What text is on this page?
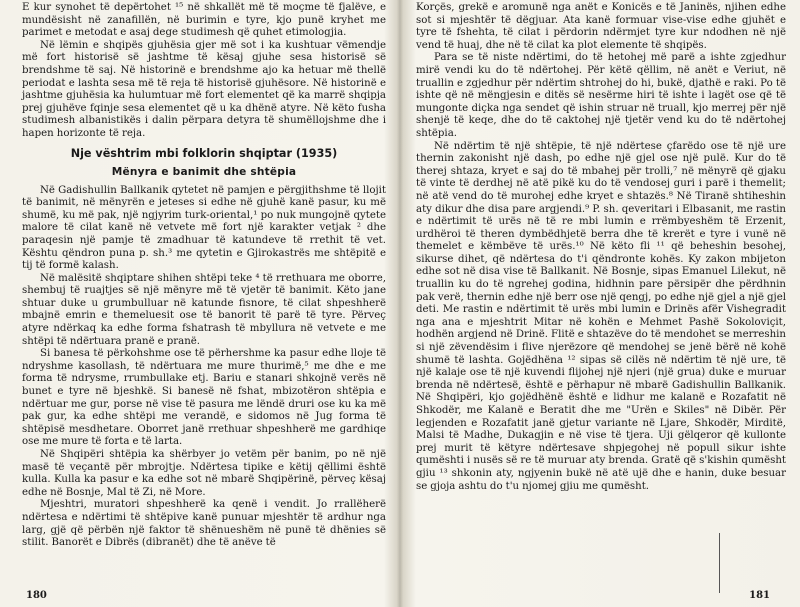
E kur synohet të depërtohet ¹⁵ në shkallët më të moçme të fjalëve, e mundësisht në zanafillën, në burimin e tyre, kjo punë kryhet me parimet e metodat e asaj dege studimesh që quhet etimologjia.

Në lëmin e shqipës gjuhësia gjer më sot i ka kushtuar vëmendje më fort historisë së jashtme të kësaj gjuhe sesa historisë së brendshme të saj. Në historinë e brendshme ajo ka hetuar më thellë periodat e lashta sesa më të reja të historisë gjuhësore. Në historinë e jashtme gjuhësia ka hulumtuar më fort elementet që ka marrë shqipja prej gjuhëve fqinje sesa elementet që u ka dhënë atyre. Në këto fusha studimesh albanistikës i dalin përpara detyra të shumëllojshme dhe i hapen horizonte të reja.

Nje vështrim mbi folklorin shqiptar (1935)
Mënyra e banimit dhe shtëpia

Në Gadishullin Ballkanik qytetet në pamjen e përgjithshme të llojit të banimit, në mënyrën e jeteses si edhe në gjuhë kanë pasur, ku më shumë, ku më pak, një ngjyrim turk-oriental,¹ po nuk mungojnë qytete malore të cilat kanë në vetvete më fort një karakter vetjak ² dhe paraqesin një pamje të zmadhuar të katundeve të rrethit të vet. Kështu qëndron puna p. sh.³ me qytetin e Gjirokastrës me shtëpitë e tij të formë kalash.

Në malësitë shqiptare shihen shtëpi teke ⁴ të rrethuara me oborre, shembuj të ruajtjes së një mënyre më të vjetër të banimit. Këto jane shtuar duke u grumbulluar në katunde fisnore, të cilat shpeshherë mbajnë emrin e themeluesit ose të banorit të parë të tyre. Përveç atyre ndërkaq ka edhe forma fshatrash të mbyllura në vetvete e me shtëpi të ndërtuara pranë e pranë.

Si banesa të përkohshme ose të përhershme ka pasur edhe lloje të ndryshme kasollash, të ndërtuara me mure thurimë,⁵ me dhe e me forma të ndrysme, rrumbullake etj. Bariu e stanari shkojnë verës në bunet e tyre në bjeshkë. Si banesë në fshat, mbizotëron shtëpia e ndërtuar me gur, porse në vise të pasura me lëndë druri ose ku ka më pak gur, ka edhe shtëpi me verandë, e sidomos në Jug forma të shtëpisë mesdhetare. Oborret janë rrethuar shpeshherë me gardhiqe ose me mure të forta e të larta.

Në Shqipëri shtëpia ka shërbyer jo vetëm për banim, po në një masë të veçantë për mbrojtje. Ndërtesa tipike e këtij qëllimi është kulla. Kulla ka pasur e ka edhe sot në mbarë Shqipërinë, përveç kësaj edhe në Bosnje, Mal të Zi, në More.

Mjeshtri, muratori shpeshherë ka qenë i vendit. Jo rrallëherë ndërtesa e ndërtimi të shtëpive kanë punuar mjeshtër të ardhur nga larg, gjë që përbën një faktor të shënueshëm në punë të dhënies së stilit. Banorët e Dibrës (dibranët) dhe të anëve të

180

Korçës, grekë e aromunë nga anët e Konicës e të Janinës, njihen edhe sot si mjeshtër të dëgjuar. Ata kanë formuar vise-vise edhe gjuhët e tyre të fshehta, të cilat i përdorin ndërmjet tyre kur ndodhen në një vend të huaj, dhe në të cilat ka plot elemente të shqipës.

Para se të niste ndërtimi, do të hetohej më parë a ishte zgjedhur mirë vendi ku do të ndërtohej. Për këtë qëllim, në anët e Veriut, në truallin e zgjedhur për ndërtim shtrohej do hi, bukë, djathë e raki. Po të ishte që në mëngjesin e ditës së nesërme hiri të ishte i lagët ose që të mungonte diçka nga sendet që ishin struar në truall, kjo merrej për një shenjë të keqe, dhe do të caktohej një tjetër vend ku do të ndërtohej shtëpia.

Në ndërtim të një shtëpie, të një ndërtese çfarëdo ose të një ure thernin zakonisht një dash, po edhe një gjel ose një pulë. Kur do të therej shtaza, kryet e saj do të mbahej për trolli,⁷ në mënyrë që gjaku të vinte të derdhej në atë pikë ku do të vendosej guri i parë i themelit; në atë vend do të murohej edhe kryet e shtazës.⁸ Në Tiranë shtiheshin aty dikur dhe disa pare argjendi.⁹ P. sh. qeveritari i Elbasanit, me rastin e ndërtimit të urës në të re mbi lumin e rrëmbyeshëm të Erzenit, urdhëroi të theren dymbëdhjetë berra dhe të krerët e tyre i vunë në themelet e këmbëve të urës.¹⁰ Në këto fli ¹¹ që beheshin besohej, sikurse dihet, që ndërtesa do t'i qëndronte kohës. Ky zakon mbijeton edhe sot në disa vise të Ballkanit. Në Bosnje, sipas Emanuel Lilekut, në truallin ku do të ngrehej godina, hidhnin pare përsipër dhe përdhnin pak verë, thernin edhe një berr ose një qengj, po edhe një gjel a një gjel deti. Me rastin e ndërtimit të urës mbi lumin e Drinës afër Vishegradit nga ana e mjeshtrit Mitar në kohën e Mehmet Pashë Sokoloviçit, hodhën argjend në Drinë. Flitë e shtazëve do të mendohet se merreshin si një zëvendësim i flive njerëzore që mendohej se jenë bërë në kohë shumë të lashta. Gojëdhëna ¹² sipas së cilës në ndërtim të një ure, të një kalaje ose të një kuvendi flijohej një njeri (një grua) duke e muruar brenda në ndërtesë, është e përhapur në mbarë Gadishullin Ballkanik. Në Shqipëri, kjo gojëdhënë është e lidhur me kalanë e Rozafatit në Shkodër, me Kalanë e Beratit dhe me "Urën e Skiles" në Dibër. Për legjenden e Rozafatit janë gjetur variante në Ljare, Shkodër, Mirditë, Malsi të Madhe, Dukagjin e në vise të tjera. Uji gëlqeror që kullonte prej murit të këtyre ndërtesave shpjegohej në popull sikur ishte qumështi i nusës së re të muruar aty brenda. Gratë që s'kishin qumësht gjiu ¹³ shkonin aty, ngjyenin bukë në atë ujë dhe e hanin, duke besuar se gjoja ashtu do t'u njomej gjiu me qumësht.

181
